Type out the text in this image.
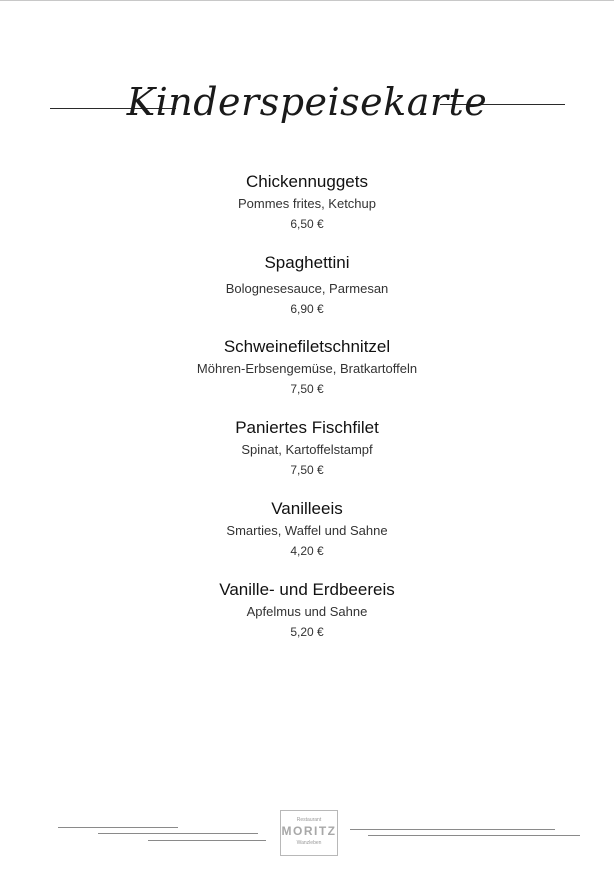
Kinderspeisekarte
Chickennuggets
Pommes frites, Ketchup
6,50 €
Spaghettini
Bolognesesauce, Parmesan
6,90 €
Schweinefiletschnitzel
Möhren-Erbsengemüse, Bratkartoffeln
7,50 €
Paniertes Fischfilet
Spinat, Kartoffelstampf
7,50 €
Vanilleeis
Smarties, Waffel und Sahne
4,20 €
Vanille- und Erdbeereis
Apfelmus und Sahne
5,20 €
Restaurant
MORITZ
Wanzleben
